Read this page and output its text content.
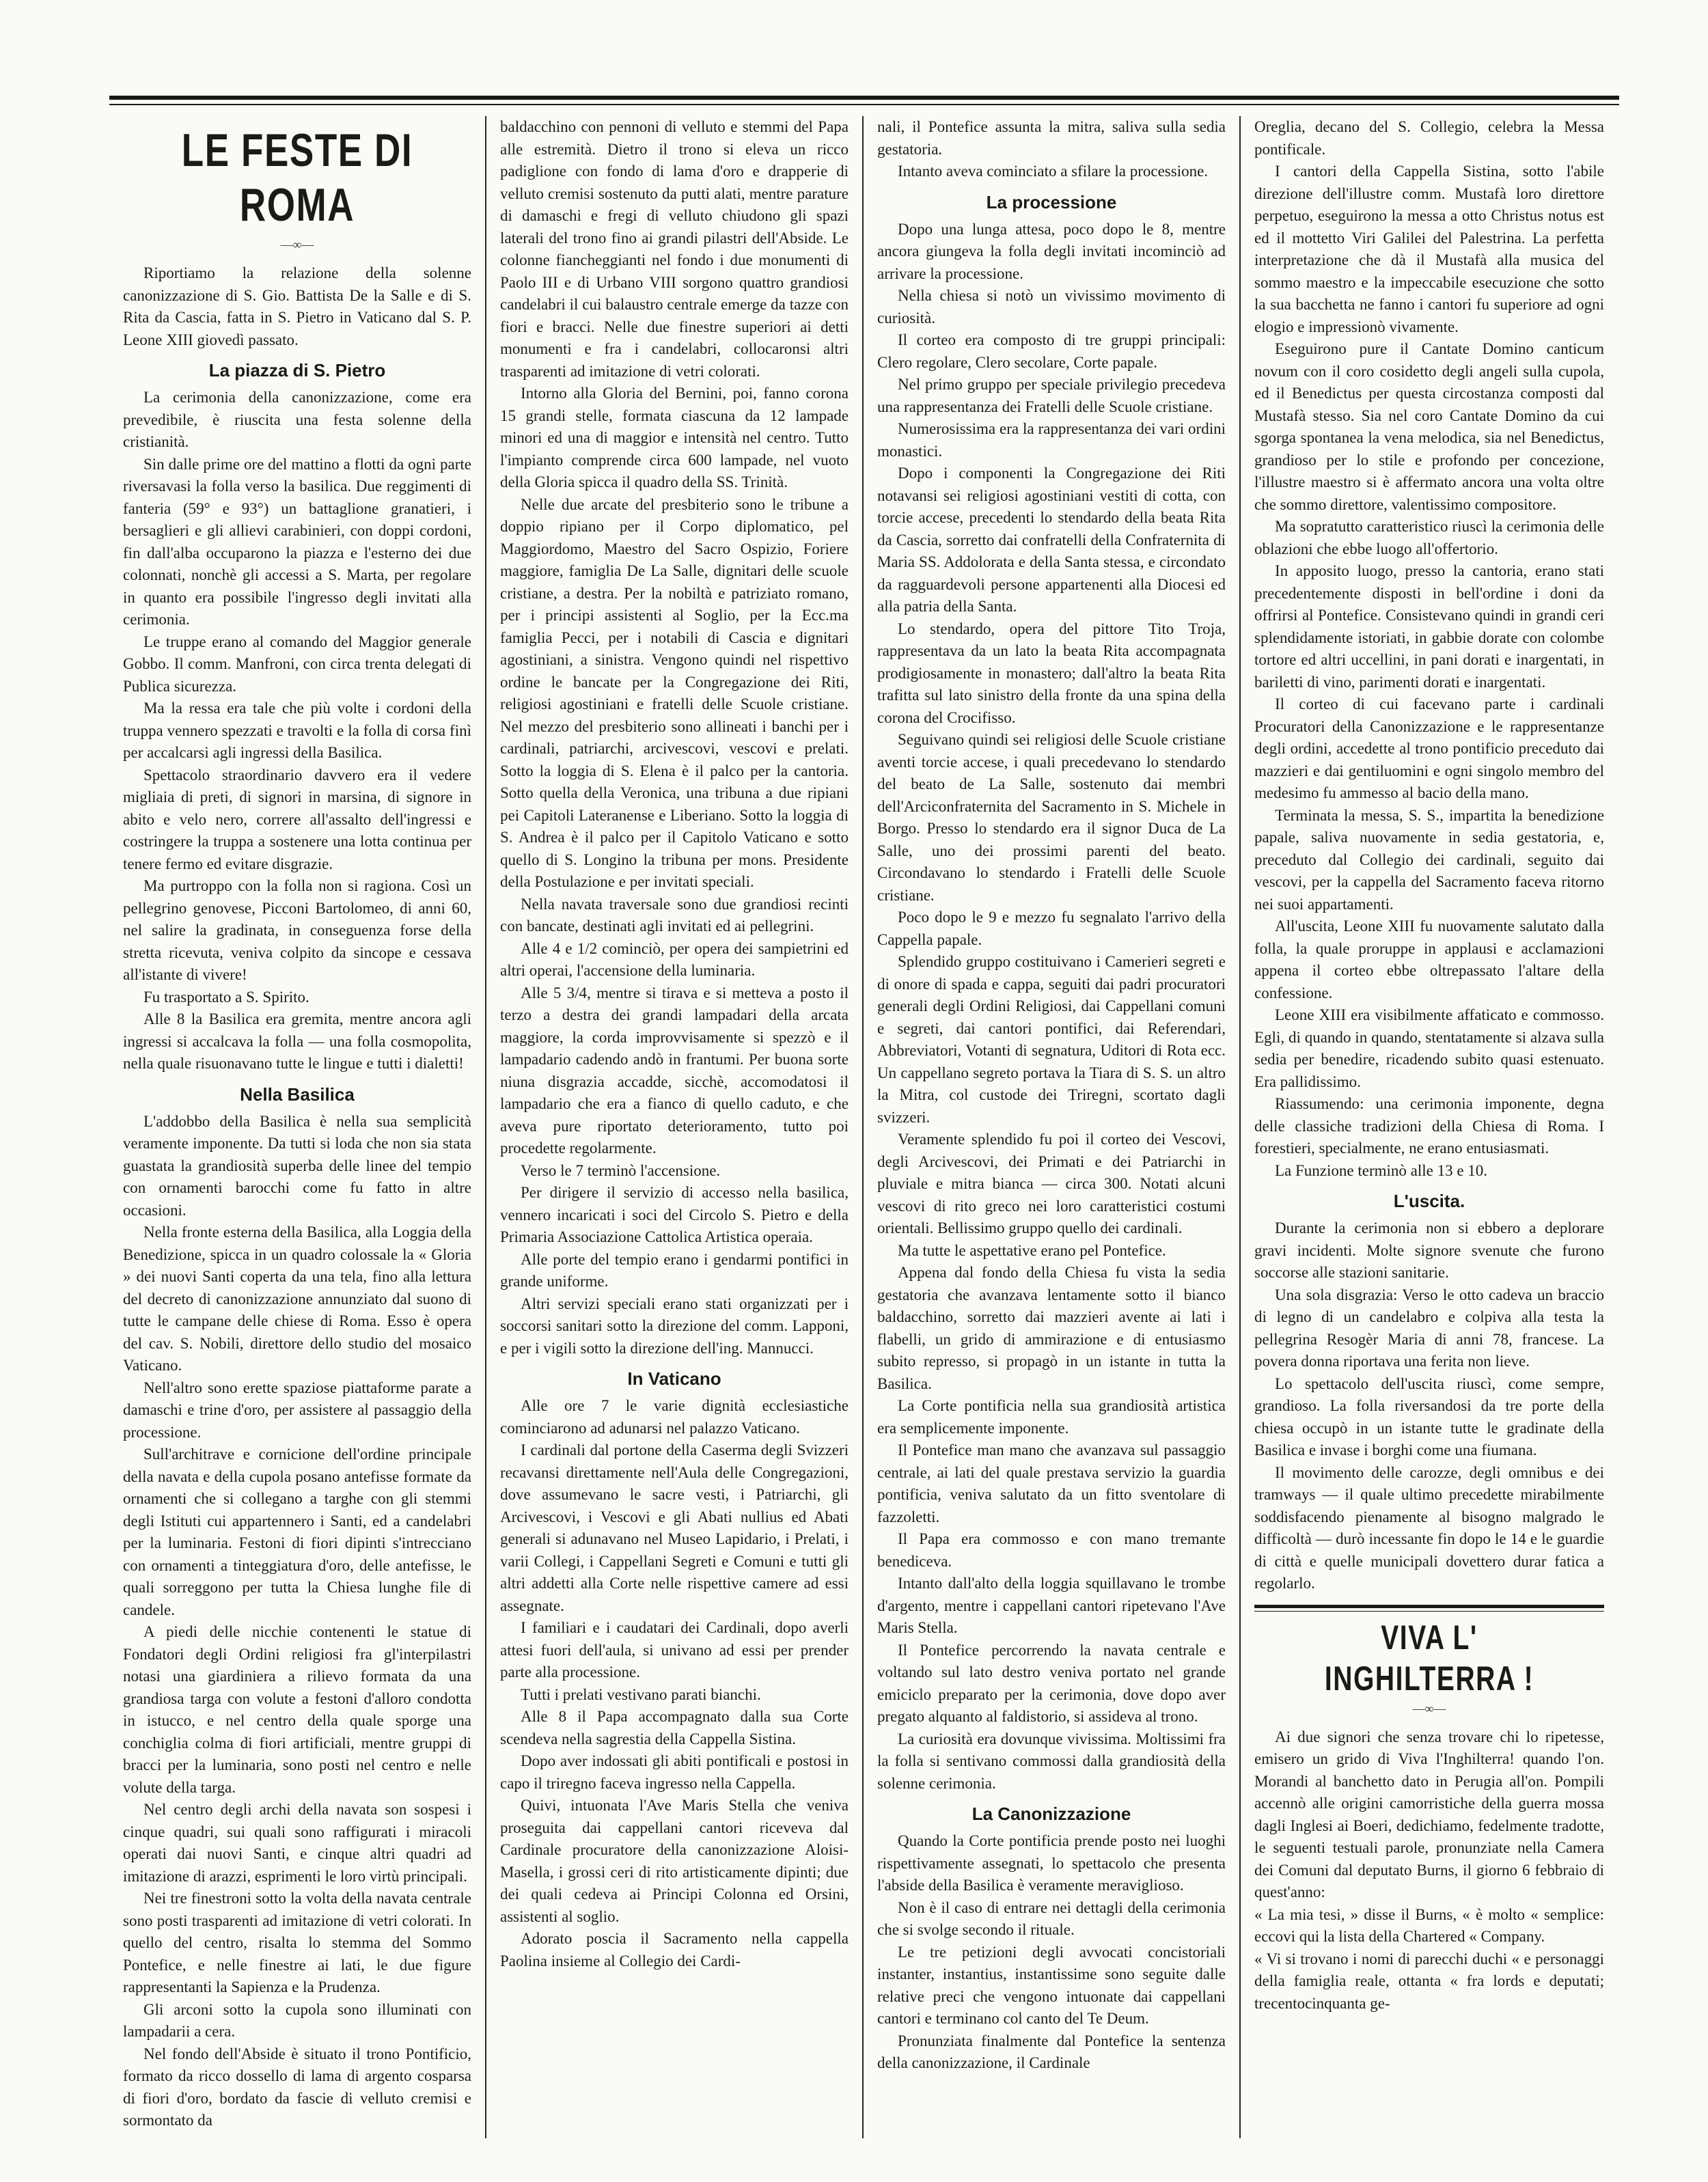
LE FESTE DI ROMA
—∞—

Riportiamo la relazione della solenne canonizzazione di S. Gio. Battista De la Salle e di S. Rita da Cascia, fatta in S. Pietro in Vaticano dal S. P. Leone XIII giovedì passato.

La piazza di S. Pietro

La cerimonia della canonizzazione, come era prevedibile, è riuscita una festa solenne della cristianità.

Sin dalle prime ore del mattino a flotti da ogni parte riversavasi la folla verso la basilica. Due reggimenti di fanteria (59° e 93°) un battaglione granatieri, i bersaglieri e gli allievi carabinieri, con doppi cordoni, fin dall'alba occuparono la piazza e l'esterno dei due colonnati, nonchè gli accessi a S. Marta, per regolare in quanto era possibile l'ingresso degli invitati alla cerimonia.

Le truppe erano al comando del Maggior generale Gobbo. Il comm. Manfroni, con circa trenta delegati di Publica sicurezza.

Ma la ressa era tale che più volte i cordoni della truppa vennero spezzati e travolti e la folla di corsa finì per accalcarsi agli ingressi della Basilica.

Spettacolo straordinario davvero era il vedere migliaia di preti, di signori in marsina, di signore in abito e velo nero, correre all'assalto dell'ingressi e costringere la truppa a sostenere una lotta continua per tenere fermo ed evitare disgrazie.

Ma purtroppo con la folla non si ragiona. Così un pellegrino genovese, Picconi Bartolomeo, di anni 60, nel salire la gradinata, in conseguenza forse della stretta ricevuta, veniva colpito da sincope e cessava all'istante di vivere!

Fu trasportato a S. Spirito.

Alle 8 la Basilica era gremita, mentre ancora agli ingressi si accalcava la folla — una folla cosmopolita, nella quale risuonavano tutte le lingue e tutti i dialetti!

Nella Basilica

L'addobbo della Basilica è nella sua semplicità veramente imponente. Da tutti si loda che non sia stata guastata la grandiosità superba delle linee del tempio con ornamenti barocchi come fu fatto in altre occasioni.

Nella fronte esterna della Basilica, alla Loggia della Benedizione, spicca in un quadro colossale la « Gloria » dei nuovi Santi coperta da una tela, fino alla lettura del decreto di canonizzazione annunziato dal suono di tutte le campane delle chiese di Roma. Esso è opera del cav. S. Nobili, direttore dello studio del mosaico Vaticano.

Nell'altro sono erette spaziose piattaforme parate a damaschi e trine d'oro, per assistere al passaggio della processione.

Sull'architrave e cornicione dell'ordine principale della navata e della cupola posano antefisse formate da ornamenti che si collegano a targhe con gli stemmi degli Istituti cui appartennero i Santi, ed a candelabri per la luminaria. Festoni di fiori dipinti s'intrecciano con ornamenti a tinteggiatura d'oro, delle antefisse, le quali sorreggono per tutta la Chiesa lunghe file di candele.

A piedi delle nicchie contenenti le statue di Fondatori degli Ordini religiosi fra gl'interpilastri notasi una giardiniera a rilievo formata da una grandiosa targa con volute a festoni d'alloro condotta in istucco, e nel centro della quale sporge una conchiglia colma di fiori artificiali, mentre gruppi di bracci per la luminaria, sono posti nel centro e nelle volute della targa.

Nel centro degli archi della navata son sospesi i cinque quadri, sui quali sono raffigurati i miracoli operati dai nuovi Santi, e cinque altri quadri ad imitazione di arazzi, esprimenti le loro virtù principali.

Nei tre finestroni sotto la volta della navata centrale sono posti trasparenti ad imitazione di vetri colorati. In quello del centro, risalta lo stemma del Sommo Pontefice, e nelle finestre ai lati, le due figure rappresentanti la Sapienza e la Prudenza.

Gli arconi sotto la cupola sono illuminati con lampadarii a cera.

Nel fondo dell'Abside è situato il trono Pontificio, formato da ricco dossello di lama di argento cosparsa di fiori d'oro, bordato da fascie di velluto cremisi e sormontato da

baldacchino con pennoni di velluto e stemmi del Papa alle estremità. Dietro il trono si eleva un ricco padiglione con fondo di lama d'oro e drapperie di velluto cremisi sostenuto da putti alati, mentre parature di damaschi e fregi di velluto chiudono gli spazi laterali del trono fino ai grandi pilastri dell'Abside. Le colonne fiancheggianti nel fondo i due monumenti di Paolo III e di Urbano VIII sorgono quattro grandiosi candelabri il cui balaustro centrale emerge da tazze con fiori e bracci. Nelle due finestre superiori ai detti monumenti e fra i candelabri, collocaronsi altri trasparenti ad imitazione di vetri colorati.

Intorno alla Gloria del Bernini, poi, fanno corona 15 grandi stelle, formata ciascuna da 12 lampade minori ed una di maggior e intensità nel centro. Tutto l'impianto comprende circa 600 lampade, nel vuoto della Gloria spicca il quadro della SS. Trinità.

Nelle due arcate del presbiterio sono le tribune a doppio ripiano per il Corpo diplomatico, pel Maggiordomo, Maestro del Sacro Ospizio, Foriere maggiore, famiglia De La Salle, dignitari delle scuole cristiane, a destra. Per la nobiltà e patriziato romano, per i principi assistenti al Soglio, per la Ecc.ma famiglia Pecci, per i notabili di Cascia e dignitari agostiniani, a sinistra. Vengono quindi nel rispettivo ordine le bancate per la Congregazione dei Riti, religiosi agostiniani e fratelli delle Scuole cristiane. Nel mezzo del presbiterio sono allineati i banchi per i cardinali, patriarchi, arcivescovi, vescovi e prelati. Sotto la loggia di S. Elena è il palco per la cantoria. Sotto quella della Veronica, una tribuna a due ripiani pei Capitoli Lateranense e Liberiano. Sotto la loggia di S. Andrea è il palco per il Capitolo Vaticano e sotto quello di S. Longino la tribuna per mons. Presidente della Postulazione e per invitati speciali.

Nella navata traversale sono due grandiosi recinti con bancate, destinati agli invitati ed ai pellegrini.

Alle 4 e 1/2 cominciò, per opera dei sampietrini ed altri operai, l'accensione della luminaria.

Alle 5 3/4, mentre si tirava e si metteva a posto il terzo a destra dei grandi lampadari della arcata maggiore, la corda improvvisamente si spezzò e il lampadario cadendo andò in frantumi. Per buona sorte niuna disgrazia accadde, sicchè, accomodatosi il lampadario che era a fianco di quello caduto, e che aveva pure riportato deterioramento, tutto poi procedette regolarmente.

Verso le 7 terminò l'accensione.

Per dirigere il servizio di accesso nella basilica, vennero incaricati i soci del Circolo S. Pietro e della Primaria Associazione Cattolica Artistica operaia.

Alle porte del tempio erano i gendarmi pontifici in grande uniforme.

Altri servizi speciali erano stati organizzati per i soccorsi sanitari sotto la direzione del comm. Lapponi, e per i vigili sotto la direzione dell'ing. Mannucci.

In Vaticano

Alle ore 7 le varie dignità ecclesiastiche cominciarono ad adunarsi nel palazzo Vaticano.

I cardinali dal portone della Caserma degli Svizzeri recavansi direttamente nell'Aula delle Congregazioni, dove assumevano le sacre vesti, i Patriarchi, gli Arcivescovi, i Vescovi e gli Abati nullius ed Abati generali si adunavano nel Museo Lapidario, i Prelati, i varii Collegi, i Cappellani Segreti e Comuni e tutti gli altri addetti alla Corte nelle rispettive camere ad essi assegnate.

I familiari e i caudatari dei Cardinali, dopo averli attesi fuori dell'aula, si univano ad essi per prender parte alla processione.

Tutti i prelati vestivano parati bianchi.

Alle 8 il Papa accompagnato dalla sua Corte scendeva nella sagrestia della Cappella Sistina.

Dopo aver indossati gli abiti pontificali e postosi in capo il triregno faceva ingresso nella Cappella.

Quivi, intuonata l'Ave Maris Stella che veniva proseguita dai cappellani cantori riceveva dal Cardinale procuratore della canonizzazione Aloisi-Masella, i grossi ceri di rito artisticamente dipinti; due dei quali cedeva ai Principi Colonna ed Orsini, assistenti al soglio.

Adorato poscia il Sacramento nella cappella Paolina insieme al Collegio dei Cardi-

nali, il Pontefice assunta la mitra, saliva sulla sedia gestatoria.

Intanto aveva cominciato a sfilare la processione.

La processione

Dopo una lunga attesa, poco dopo le 8, mentre ancora giungeva la folla degli invitati incominciò ad arrivare la processione.

Nella chiesa si notò un vivissimo movimento di curiosità.

Il corteo era composto di tre gruppi principali: Clero regolare, Clero secolare, Corte papale.

Nel primo gruppo per speciale privilegio precedeva una rappresentanza dei Fratelli delle Scuole cristiane.

Numerosissima era la rappresentanza dei vari ordini monastici.

Dopo i componenti la Congregazione dei Riti notavansi sei religiosi agostiniani vestiti di cotta, con torcie accese, precedenti lo stendardo della beata Rita da Cascia, sorretto dai confratelli della Confraternita di Maria SS. Addolorata e della Santa stessa, e circondato da ragguardevoli persone appartenenti alla Diocesi ed alla patria della Santa.

Lo stendardo, opera del pittore Tito Troja, rappresentava da un lato la beata Rita accompagnata prodigiosamente in monastero; dall'altro la beata Rita trafitta sul lato sinistro della fronte da una spina della corona del Crocifisso.

Seguivano quindi sei religiosi delle Scuole cristiane aventi torcie accese, i quali precedevano lo stendardo del beato de La Salle, sostenuto dai membri dell'Arciconfraternita del Sacramento in S. Michele in Borgo. Presso lo stendardo era il signor Duca de La Salle, uno dei prossimi parenti del beato. Circondavano lo stendardo i Fratelli delle Scuole cristiane.

Poco dopo le 9 e mezzo fu segnalato l'arrivo della Cappella papale.

Splendido gruppo costituivano i Camerieri segreti e di onore di spada e cappa, seguiti dai padri procuratori generali degli Ordini Religiosi, dai Cappellani comuni e segreti, dai cantori pontifici, dai Referendari, Abbreviatori, Votanti di segnatura, Uditori di Rota ecc. Un cappellano segreto portava la Tiara di S. S. un altro la Mitra, col custode dei Triregni, scortato dagli svizzeri.

Veramente splendido fu poi il corteo dei Vescovi, degli Arcivescovi, dei Primati e dei Patriarchi in pluviale e mitra bianca — circa 300. Notati alcuni vescovi di rito greco nei loro caratteristici costumi orientali. Bellissimo gruppo quello dei cardinali.

Ma tutte le aspettative erano pel Pontefice.

Appena dal fondo della Chiesa fu vista la sedia gestatoria che avanzava lentamente sotto il bianco baldacchino, sorretto dai mazzieri avente ai lati i flabelli, un grido di ammirazione e di entusiasmo subito represso, si propagò in un istante in tutta la Basilica.

La Corte pontificia nella sua grandiosità artistica era semplicemente imponente.

Il Pontefice man mano che avanzava sul passaggio centrale, ai lati del quale prestava servizio la guardia pontificia, veniva salutato da un fitto sventolare di fazzoletti.

Il Papa era commosso e con mano tremante benediceva.

Intanto dall'alto della loggia squillavano le trombe d'argento, mentre i cappellani cantori ripetevano l'Ave Maris Stella.

Il Pontefice percorrendo la navata centrale e voltando sul lato destro veniva portato nel grande emiciclo preparato per la cerimonia, dove dopo aver pregato alquanto al faldistorio, si assideva al trono.

La curiosità era dovunque vivissima. Moltissimi fra la folla si sentivano commossi dalla grandiosità della solenne cerimonia.

La Canonizzazione

Quando la Corte pontificia prende posto nei luoghi rispettivamente assegnati, lo spettacolo che presenta l'abside della Basilica è veramente meraviglioso.

Non è il caso di entrare nei dettagli della cerimonia che si svolge secondo il rituale.

Le tre petizioni degli avvocati concistoriali instanter, instantius, instantissime sono seguite dalle relative preci che vengono intuonate dai cappellani cantori e terminano col canto del Te Deum.

Pronunziata finalmente dal Pontefice la sentenza della canonizzazione, il Cardinale

Oreglia, decano del S. Collegio, celebra la Messa pontificale.

I cantori della Cappella Sistina, sotto l'abile direzione dell'illustre comm. Mustafà loro direttore perpetuo, eseguirono la messa a otto Christus notus est ed il mottetto Viri Galilei del Palestrina. La perfetta interpretazione che dà il Mustafà alla musica del sommo maestro e la impeccabile esecuzione che sotto la sua bacchetta ne fanno i cantori fu superiore ad ogni elogio e impressionò vivamente.

Eseguirono pure il Cantate Domino canticum novum con il coro cosidetto degli angeli sulla cupola, ed il Benedictus per questa circostanza composti dal Mustafà stesso. Sia nel coro Cantate Domino da cui sgorga spontanea la vena melodica, sia nel Benedictus, grandioso per lo stile e profondo per concezione, l'illustre maestro si è affermato ancora una volta oltre che sommo direttore, valentissimo compositore.

Ma sopratutto caratteristico riuscì la cerimonia delle oblazioni che ebbe luogo all'offertorio.

In apposito luogo, presso la cantoria, erano stati precedentemente disposti in bell'ordine i doni da offrirsi al Pontefice. Consistevano quindi in grandi ceri splendidamente istoriati, in gabbie dorate con colombe tortore ed altri uccellini, in pani dorati e inargentati, in bariletti di vino, parimenti dorati e inargentati.

Il corteo di cui facevano parte i cardinali Procuratori della Canonizzazione e le rappresentanze degli ordini, accedette al trono pontificio preceduto dai mazzieri e dai gentiluomini e ogni singolo membro del medesimo fu ammesso al bacio della mano.

Terminata la messa, S. S., impartita la benedizione papale, saliva nuovamente in sedia gestatoria, e, preceduto dal Collegio dei cardinali, seguito dai vescovi, per la cappella del Sacramento faceva ritorno nei suoi appartamenti.

All'uscita, Leone XIII fu nuovamente salutato dalla folla, la quale proruppe in applausi e acclamazioni appena il corteo ebbe oltrepassato l'altare della confessione.

Leone XIII era visibilmente affaticato e commosso. Egli, di quando in quando, stentatamente si alzava sulla sedia per benedire, ricadendo subito quasi estenuato. Era pallidissimo.

Riassumendo: una cerimonia imponente, degna delle classiche tradizioni della Chiesa di Roma. I forestieri, specialmente, ne erano entusiasmati.

La Funzione terminò alle 13 e 10.

L'uscita.

Durante la cerimonia non si ebbero a deplorare gravi incidenti. Molte signore svenute che furono soccorse alle stazioni sanitarie.

Una sola disgrazia: Verso le otto cadeva un braccio di legno di un candelabro e colpiva alla testa la pellegrina Resogèr Maria di anni 78, francese. La povera donna riportava una ferita non lieve.

Lo spettacolo dell'uscita riuscì, come sempre, grandioso. La folla riversandosi da tre porte della chiesa occupò in un istante tutte le gradinate della Basilica e invase i borghi come una fiumana.

Il movimento delle carozze, degli omnibus e dei tramways — il quale ultimo precedette mirabilmente soddisfacendo pienamente al bisogno malgrado le difficoltà — durò incessante fin dopo le 14 e le guardie di città e quelle municipali dovettero durar fatica a regolarlo.

VIVA L' INGHILTERRA !
—∞—

Ai due signori che senza trovare chi lo ripetesse, emisero un grido di Viva l'Inghilterra! quando l'on. Morandi al banchetto dato in Perugia all'on. Pompili accennò alle origini camorristiche della guerra mossa dagli Inglesi ai Boeri, dedichiamo, fedelmente tradotte, le seguenti testuali parole, pronunziate nella Camera dei Comuni dal deputato Burns, il giorno 6 febbraio di quest'anno:

« La mia tesi, » disse il Burns, « è molto « semplice: eccovi qui la lista della Chartered « Company.

« Vi si trovano i nomi di parecchi duchi « e personaggi della famiglia reale, ottanta « fra lords e deputati; trecentocinquanta ge-
